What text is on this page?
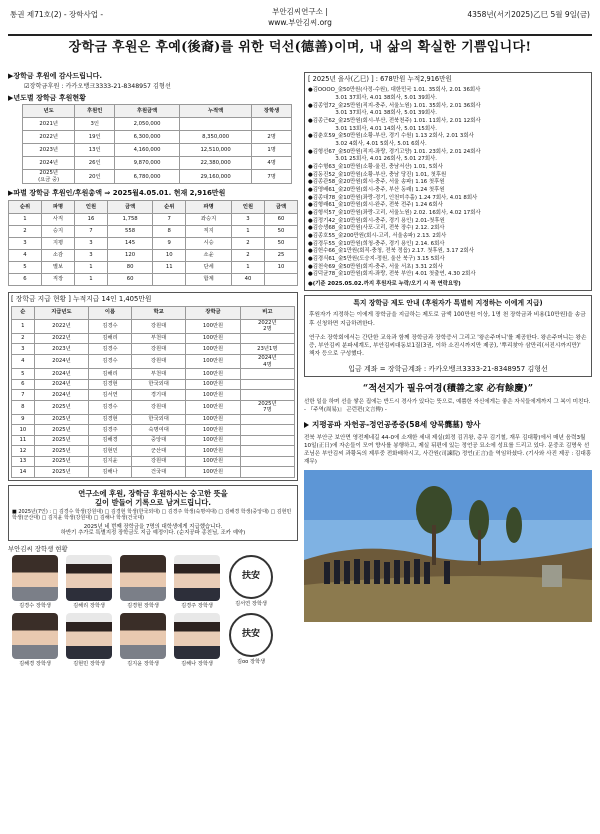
통권 제71호(2) - 장학사업 -	부안김씨연구소 |
www.부안김씨.org
4358년(서기2025)乙巳 5월 9일(금)
장학금 후원은 후예(後裔)를 위한 덕선(德善)이며, 내 삶의 확실한 기쁨입니다!
▶장학금 후원에 감사드립니다.
☑장학금후원 : 카카오뱅크3333-21-8348957 김형선
▶년도별 장학금 후원현황
년도	후원인	후원금액	누적액	장학생
2021년	3인	2,050,000		
2022년	19인	6,300,000	8,350,000	2명
2023년	13인	4,160,000	12,510,000	1명
2024년	26인	9,870,000	22,380,000	4명
2025년
(요금 중)	20인	6,780,000	29,160,000	7명
▶파별 장학금 후원인/후원총액 ⇒ 2025월4.05.01. 현재 2,916만원
순위	파명	인원	금액	순위	파명	인원	금액
1	사직	16	1,758	7	좌승지	3	60
2	승지	7	558	8	직지	1	50
3	지평	3	145	9	시승	2	50
4	소감	3	120	10	소윤	2	25
5	별보	1	80	11	단세	1	10
6	직장	1	60		합계	40	
[ 장학금 지급 현황 ] 누적지급 14인 1,405만원
순	지급년도	이름	학교	장학금	비고
1	2022년	김경수	강원대	100만원	2022년
2명
2	2022년	김해리	부천대	100만원	
3	2023년	김경수	강원대	100만원	23년1명
4	2024년	김경수	강원대	100만원	2024년
4명
5	2024년	김해리	부천대	100만원	
6	2024년	김경현	한국외대	100만원	
7	2024년	김서연	경기대	100만원	
8	2025년	김경수	강원대	100만원	2025년
7명
9	2025년	김경현	한국외대	100만원	
10	2025년	김경주	숙명여대	100만원	
11	2025년	김해경	중앙대	100만원	
12	2025년	김현민	군산대	100만원	
13	2025년	김지윤	강원대	100만원	
14	2025년	김해나	건국대	100만원	
연구소에 후원, 장학금 후원하시는 숭고한 뜻을
깊이 받들어 기록으로 남겨드립니다.
■ 2025년(7인) : □ 김경수 학생(강원대) □ 김경현 학생(한국외대) □ 김경주 학생(숙명여대) □ 김해경 학생(중앙대) □ 김현민 학생(군산대) □ 김지윤 학생(강원대) □ 김해나 학생(건국대)
2025년 네 번째 장학금을 7명의 대학생에게 지급했습니다.
하반기 추가로 특별지정 장학금도 지급 예정이다. (순지공파 종친님, 조카 예약)
부안김씨 장학생 현황
김경수 장학생	김해리 장학생	김경현 장학생	김경주 장학생
扶安
김서연 장학생
김해경 장학생	김현민 장학생	김지윤 장학생	김해나 장학생
扶安
김oo 장학생
[ 2025년 을사(乙巳) ] : 678만원 누적2,916만원
●김OOOO_金50만원(사정-수원), 대한민국 1.01. 35회사, 2.01 36회사
3.01 37회사, 4.01 38회사, 5.01 39회사.
●김종엽72_金25만원(직지-충주, 서울노원) 1.01. 35회사, 2.01 36회사
3.01 37회사, 4.01 38회사, 5.01 39회사.
●김종근62_金25만원(회시-부산, 전북천주) 1.01. 11회사, 2.01 12회사
3.01 13회사, 4.01 14회사, 5.01 15회사.
●김춘호59_金50만원(소황-부산, 경기 수원) 1.13 2회사, 2.01 3회사
3.02 4회사, 4.01 5회사, 5.01 6회사.
●김형선67_金50만원(직지-좌랑, 경기고양) 1.01. 23회사, 2.01 24회사
3.01 25회사, 4.01 26회사, 5.01 27회사.
●김수형63_金10만원(소황-울진, 충남서산) 1.01, 5회사
●김동진52_金10만원(소황-부산, 충남 당진) 1.01, 첫후원
●김종관58_金20만원(회시-충주, 서울 송파) 1.16 첫후원
●김영배61_金20만원(회시-충주, 부산 동래) 1.24 첫후원
●김종대78_金10만원(좌랑-경기, 인천미추홀) 1.24 7회사, 4.01 8회사
●김형래61_金10만원(회시-완주, 전북 전주) 1.24 6회사
●김형석57_金10만원(좌랑-고리, 서울노원) 2.02. 16회사, 4.02 17회사
●김정기42_金10만원(회시-충주, 경기 용인) 2.01-첫후원
●김승생68_金10만원(사포-고리, 전북 장수) 2.12. 2회사
●김종호55_金200만원(회시-고리, 서울송파) 2.13. 2회사
●김경두55_金10만원(희청-충주, 경기 용인) 2.14. 6회사
●김헌수66_金1만원(회직-충청, 전북 정읍) 2.17. 첫후원, 3.17 2회사
●김경식61_金5만원(도승지-정원, 울산 북구) 3.15 5회사
●김천숙69_金50만원(회지-충주, 서울 서초) 3.31 2회사
●김덕균78_金10만원(회지-좌랑, 전북 부안) 4.01 첫출연, 4.30 2회사
●(기준 2025.05.02.까지 후원자로 누락/오기 시 꼭 연락요망)
특지 장학금 제도 안내 (후원자가 특별히 지정하는 이에게 지급)
후원자가 지정하는 이에게 장학금을 지급하는 제도로 금액 100만원 이상, 1명 천 장학금과 비용(10만원)을 송금 후 신청하면 지급하려한다.
연구소 장학회에서는 간단한 교육과 함께 장학금과 장학증서 그리고 '왕손주머니'를 제공한다. 왕손주머니는 왕손증, 부안김씨 분파세계도, 부안김씨대동보1질(3권, 이하 소진시까지만 제공), '뿌리찾아 삼만리(서진시까지만)' 책자 등으로 구성했다.
입금 계좌 = 장학금계좌 : 카카오뱅크3333-21-8348957 김형선
“적선지가 필유여경(積善之家 必有餘慶)”
선한 일을 하며 선을 쌓은 집에는 반드시 경사가 있다는 뜻으로, 예쁨한 자신에게는 좋은 자식들에게까지 그 복이 미친다. - 『주역(周易)』 곤런편(文言傳) -
지평공파 자헌공-정언공종중(58세 양묵龔墓) 향사
전북 부안군 보안면 영전제네길 44-0에 소재한 세내 제실(회정 김귀왕, 총무 김기철, 재무 김대황)에서 매년 음력3월 10일(正日)에 자손들이 모여 향사를 봉행하고, 제실 뒤편에 있는 정언공 묘소에 성묘를 드리고 있다. 문중조 김명욱 선조님은 부안김씨 과황독의 제루중 전화배하시고, 사간원(司諫院) 정언(正言)을 역임하셨다. (기사와 사진 제공 : 김대흥 재무)
